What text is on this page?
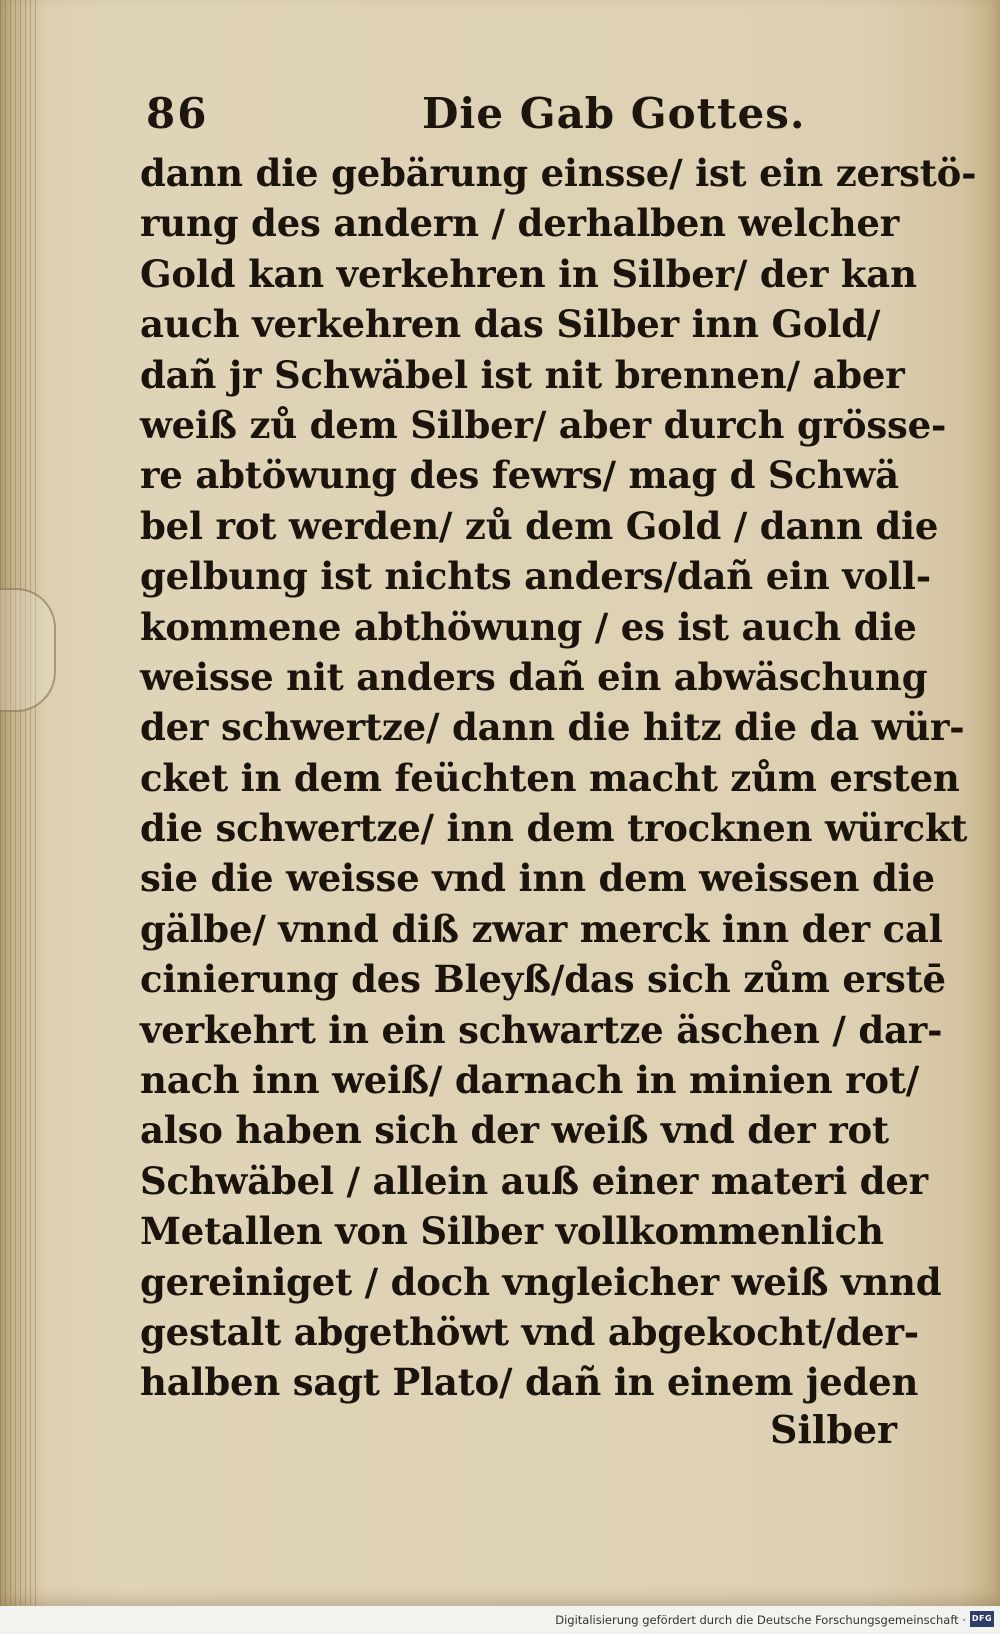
86	Die Gab Gottes.
dann die gebärung einsse/ ist ein zerstö-
rung des andern / derhalben welcher
Gold kan verkehren in Silber/ der kan
auch verkehren das Silber inn Gold/
dañ jr Schwäbel ist nit brennen/ aber
weiß zů dem Silber/ aber durch grösse-
re abtöwung des fewrs/ mag d Schwä
bel rot werden/ zů dem Gold / dann die
gelbung ist nichts anders/dañ ein voll-
kommene abthöwung / es ist auch die
weisse nit anders dañ ein abwäschung
der schwertze/ dann die hitz die da wür-
cket in dem feüchten macht zům ersten
die schwertze/ inn dem trocknen würckt
sie die weisse vnd inn dem weissen die
gälbe/ vnnd diß zwar merck inn der cal
cinierung des Bleyß/das sich zům erstē
verkehrt in ein schwartze äschen / dar-
nach inn weiß/ darnach in minien rot/
also haben sich der weiß vnd der rot
Schwäbel / allein auß einer materi der
Metallen von Silber vollkommenlich
gereiniget / doch vngleicher weiß vnnd
gestalt abgethöwt vnd abgekocht/der-
halben sagt Plato/ dañ in einem jeden
Silber
Digitalisierung gefördert durch die Deutsche Forschungsgemeinschaft · DFG
